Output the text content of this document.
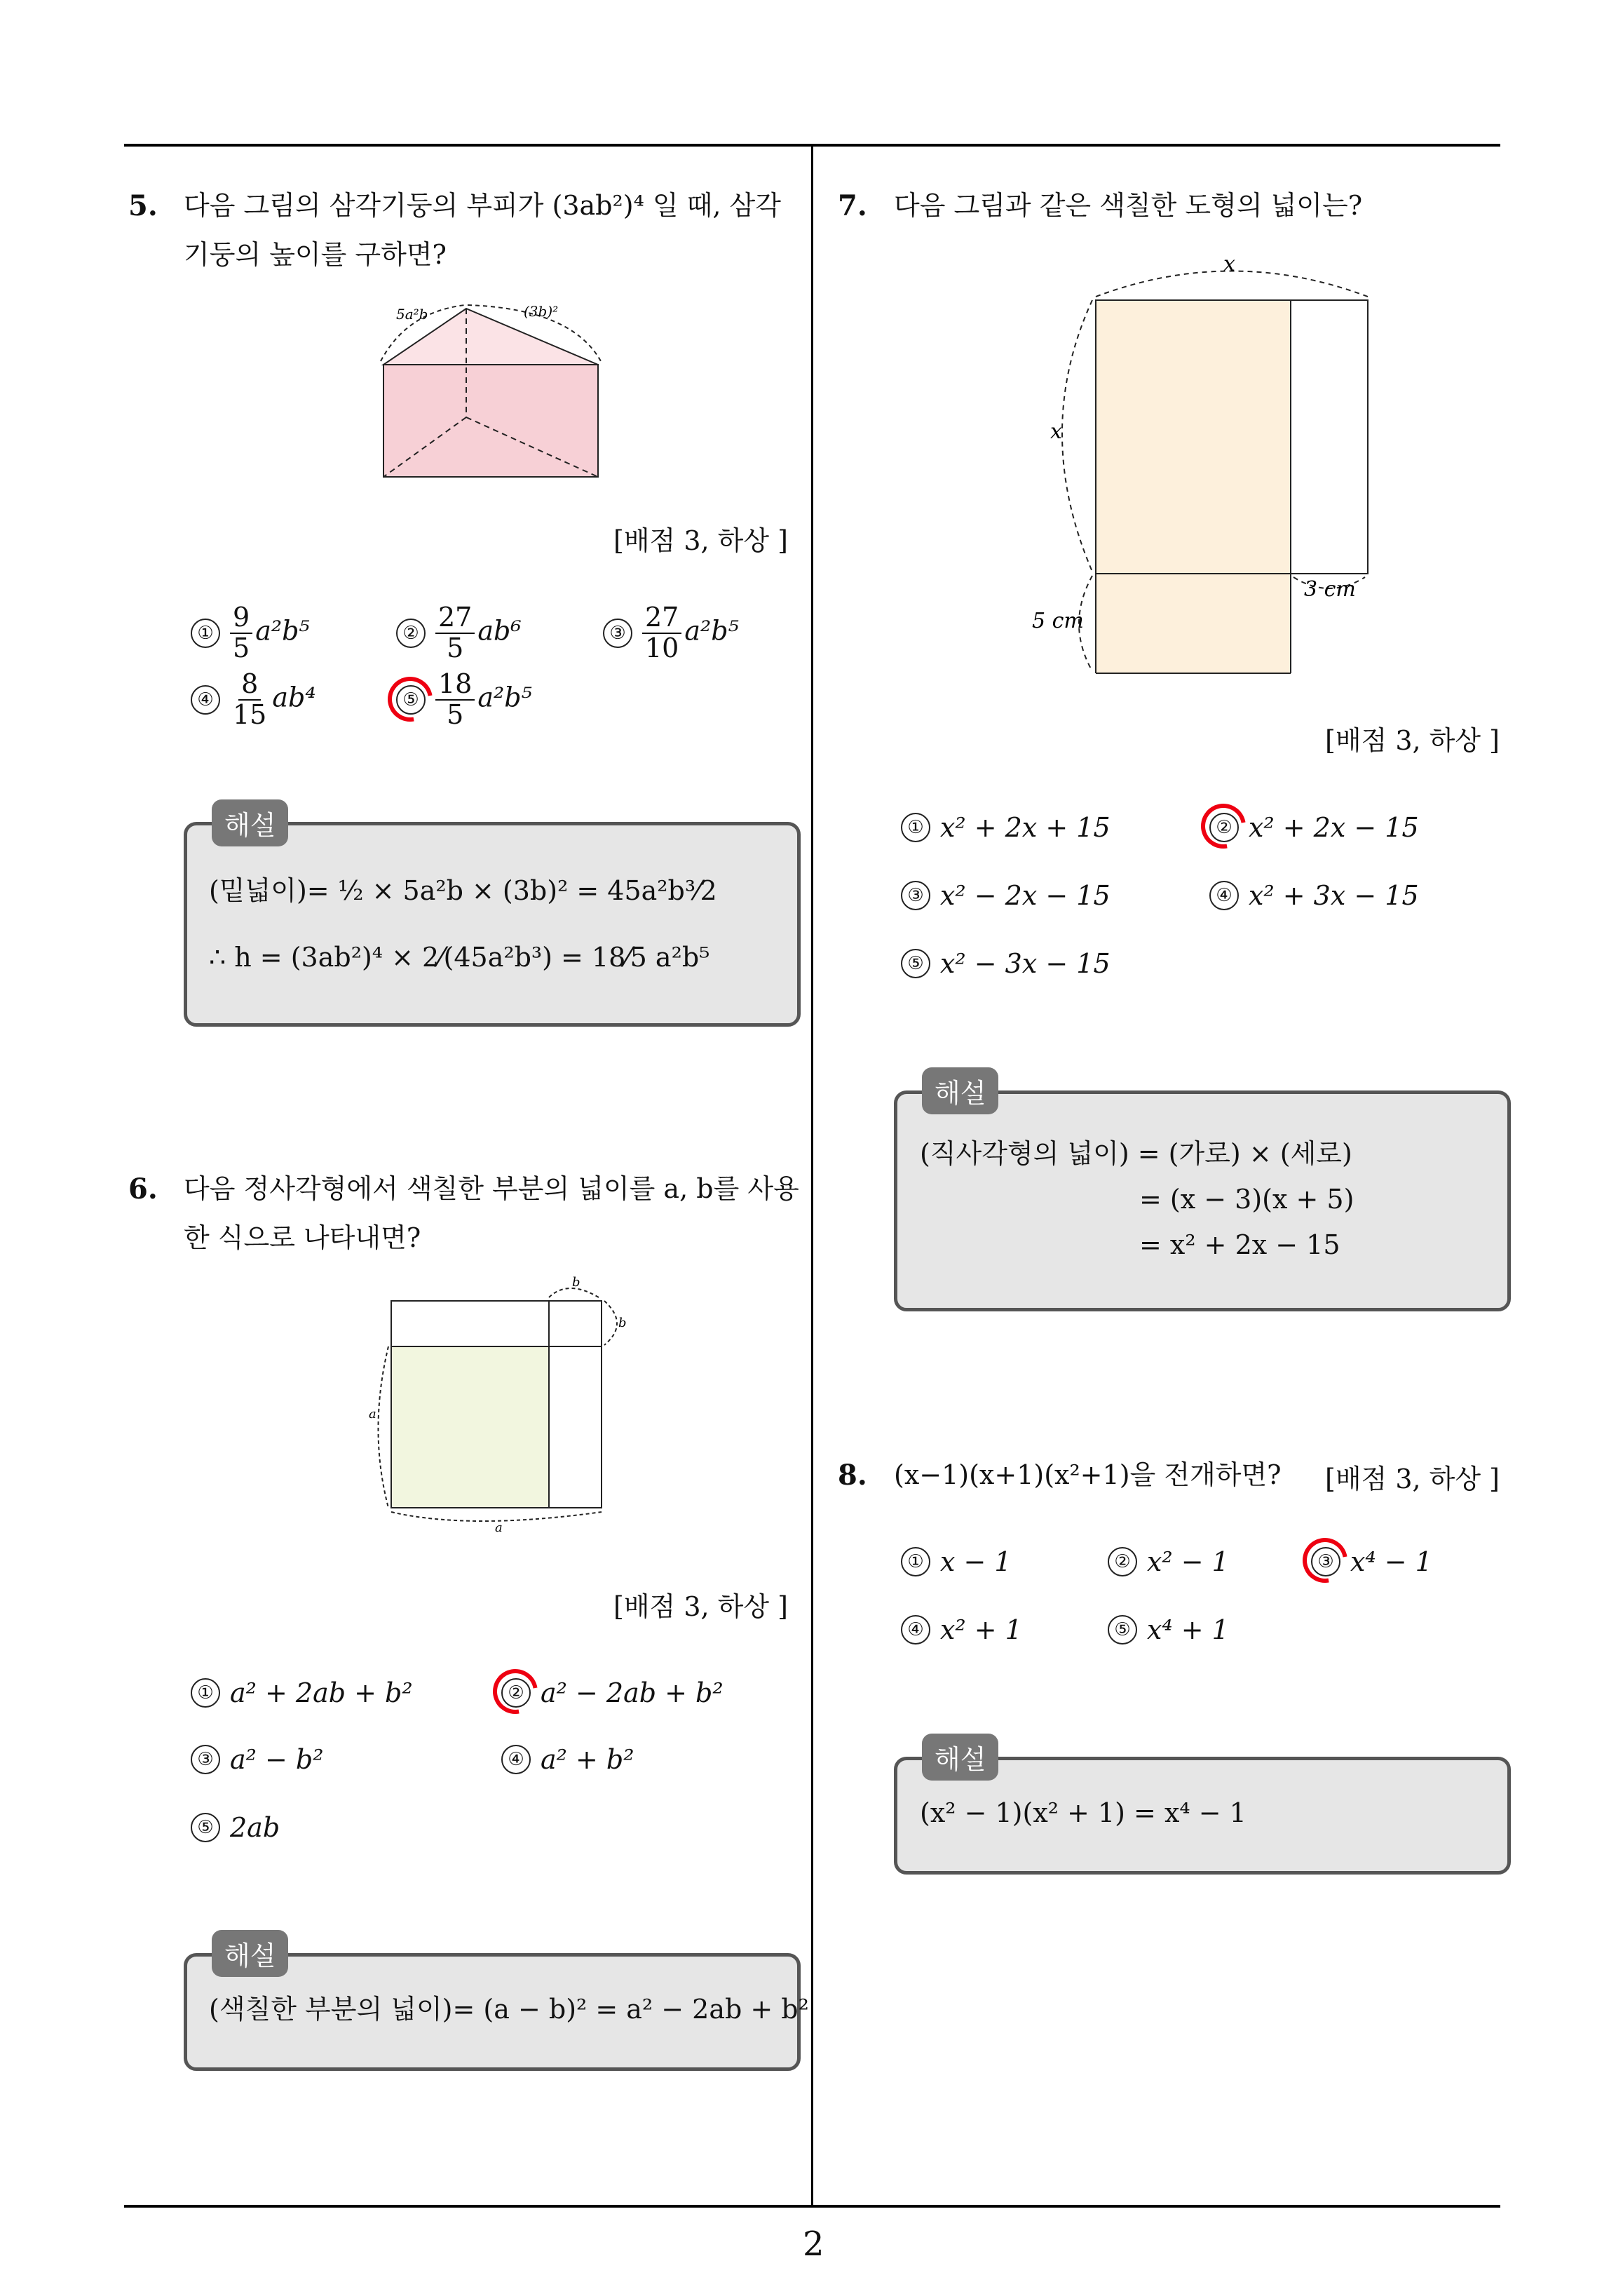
5. 다음 그림의 삼각기둥의 부피가 (3ab²)⁴ 일 때, 삼각기둥의 높이를 구하면?
5a²b	(3b)²
[배점 3, 하상 ]
① $\frac{9}{5} a^2b^5$	② $\frac{27}{5} ab^6$	③ $\frac{27}{10} a^2b^5$
④ $\frac{8}{15} ab^4$	⑤ $\frac{18}{5} a^2b^5$
해설
(밑넓이)= ½ × 5a²b × (3b)² = 45a²b³⁄2
∴ h = (3ab²)⁴ × 2⁄(45a²b³) = 18⁄5 a²b⁵
6. 다음 정사각형에서 색칠한 부분의 넓이를 a, b를 사용한 식으로 나타내면?
b
b
a
a
[배점 3, 하상 ]
① a² + 2ab + b²	② a² − 2ab + b²
③ a² − b²	④ a² + b²
⑤ 2ab
해설
(색칠한 부분의 넓이)= (a − b)² = a² − 2ab + b²
7. 다음 그림과 같은 색칠한 도형의 넓이는?
x
x
3 cm
5 cm
[배점 3, 하상 ]
① x² + 2x + 15	② x² + 2x − 15
③ x² − 2x − 15	④ x² + 3x − 15
⑤ x² − 3x − 15
해설
(직사각형의 넓이) = (가로) × (세로)
= (x − 3)(x + 5)
= x² + 2x − 15
8. (x−1)(x+1)(x²+1)을 전개하면?	[배점 3, 하상 ]
① x − 1	② x² − 1	③ x⁴ − 1
④ x² + 1	⑤ x⁴ + 1
해설
(x² − 1)(x² + 1) = x⁴ − 1
2
